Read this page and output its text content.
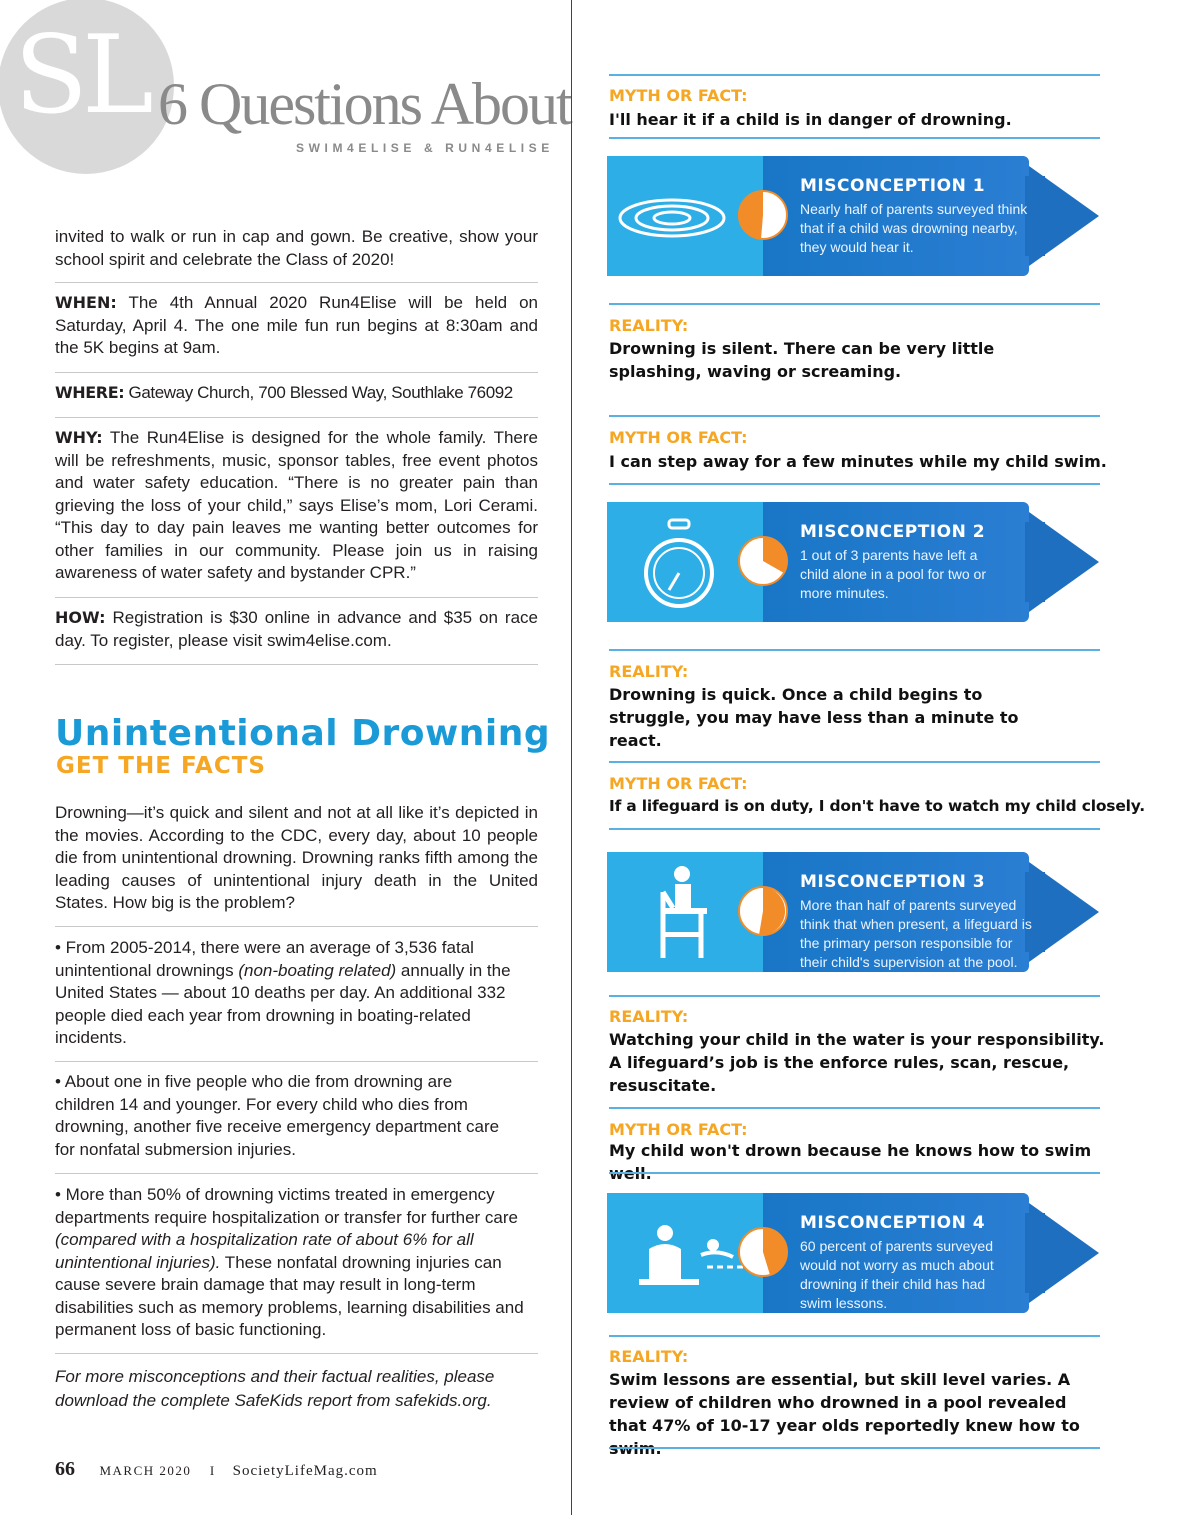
SL 6 Questions About
SWIM4ELISE & RUN4ELISE
invited to walk or run in cap and gown. Be creative, show your school spirit and celebrate the Class of 2020!
WHEN: The 4th Annual 2020 Run4Elise will be held on Saturday, April 4. The one mile fun run begins at 8:30am and the 5K begins at 9am.
WHERE: Gateway Church, 700 Blessed Way, Southlake 76092
WHY: The Run4Elise is designed for the whole family. There will be refreshments, music, sponsor tables, free event photos and water safety education. “There is no greater pain than grieving the loss of your child,” says Elise’s mom, Lori Cerami. “This day to day pain leaves me wanting better outcomes for other families in our community. Please join us in raising awareness of water safety and bystander CPR.”
HOW: Registration is $30 online in advance and $35 on race day. To register, please visit swim4elise.com.
Unintentional Drowning
GET THE FACTS
Drowning—it’s quick and silent and not at all like it’s depicted in the movies. According to the CDC, every day, about 10 people die from unintentional drowning. Drowning ranks fifth among the leading causes of unintentional injury death in the United States. How big is the problem?
• From 2005-2014, there were an average of 3,536 fatal unintentional drownings (non-boating related) annually in the United States — about 10 deaths per day. An additional 332 people died each year from drowning in boating-related incidents.
• About one in five people who die from drowning are children 14 and younger. For every child who dies from drowning, another five receive emergency department care for nonfatal submersion injuries.
• More than 50% of drowning victims treated in emergency departments require hospitalization or transfer for further care (compared with a hospitalization rate of about 6% for all unintentional injuries). These nonfatal drowning injuries can cause severe brain damage that may result in long-term disabilities such as memory problems, learning disabilities and permanent loss of basic functioning.
For more misconceptions and their factual realities, please download the complete SafeKids report from safekids.org.
66 MARCH 2020 I SocietyLifeMag.com
MYTH OR FACT:
I'll hear it if a child is in danger of drowning.
MISCONCEPTION 1
Nearly half of parents surveyed think that if a child was drowning nearby, they would hear it.
REALITY:
Drowning is silent. There can be very little splashing, waving or screaming.
MYTH OR FACT:
I can step away for a few minutes while my child swim.
MISCONCEPTION 2
1 out of 3 parents have left a child alone in a pool for two or more minutes.
REALITY:
Drowning is quick. Once a child begins to struggle, you may have less than a minute to react.
MYTH OR FACT:
If a lifeguard is on duty, I don't have to watch my child closely.
MISCONCEPTION 3
More than half of parents surveyed think that when present, a lifeguard is the primary person responsible for their child's supervision at the pool.
REALITY:
Watching your child in the water is your responsibility. A lifeguard’s job is the enforce rules, scan, rescue, resuscitate.
MYTH OR FACT:
My child won't drown because he knows how to swim
MISCONCEPTION 4
60 percent of parents surveyed would not worry as much about drowning if their child has had swim lessons.
REALITY:
Swim lessons are essential, but skill level varies. A review of children who drowned in a pool revealed that 47% of 10-17 year olds reportedly knew how to
